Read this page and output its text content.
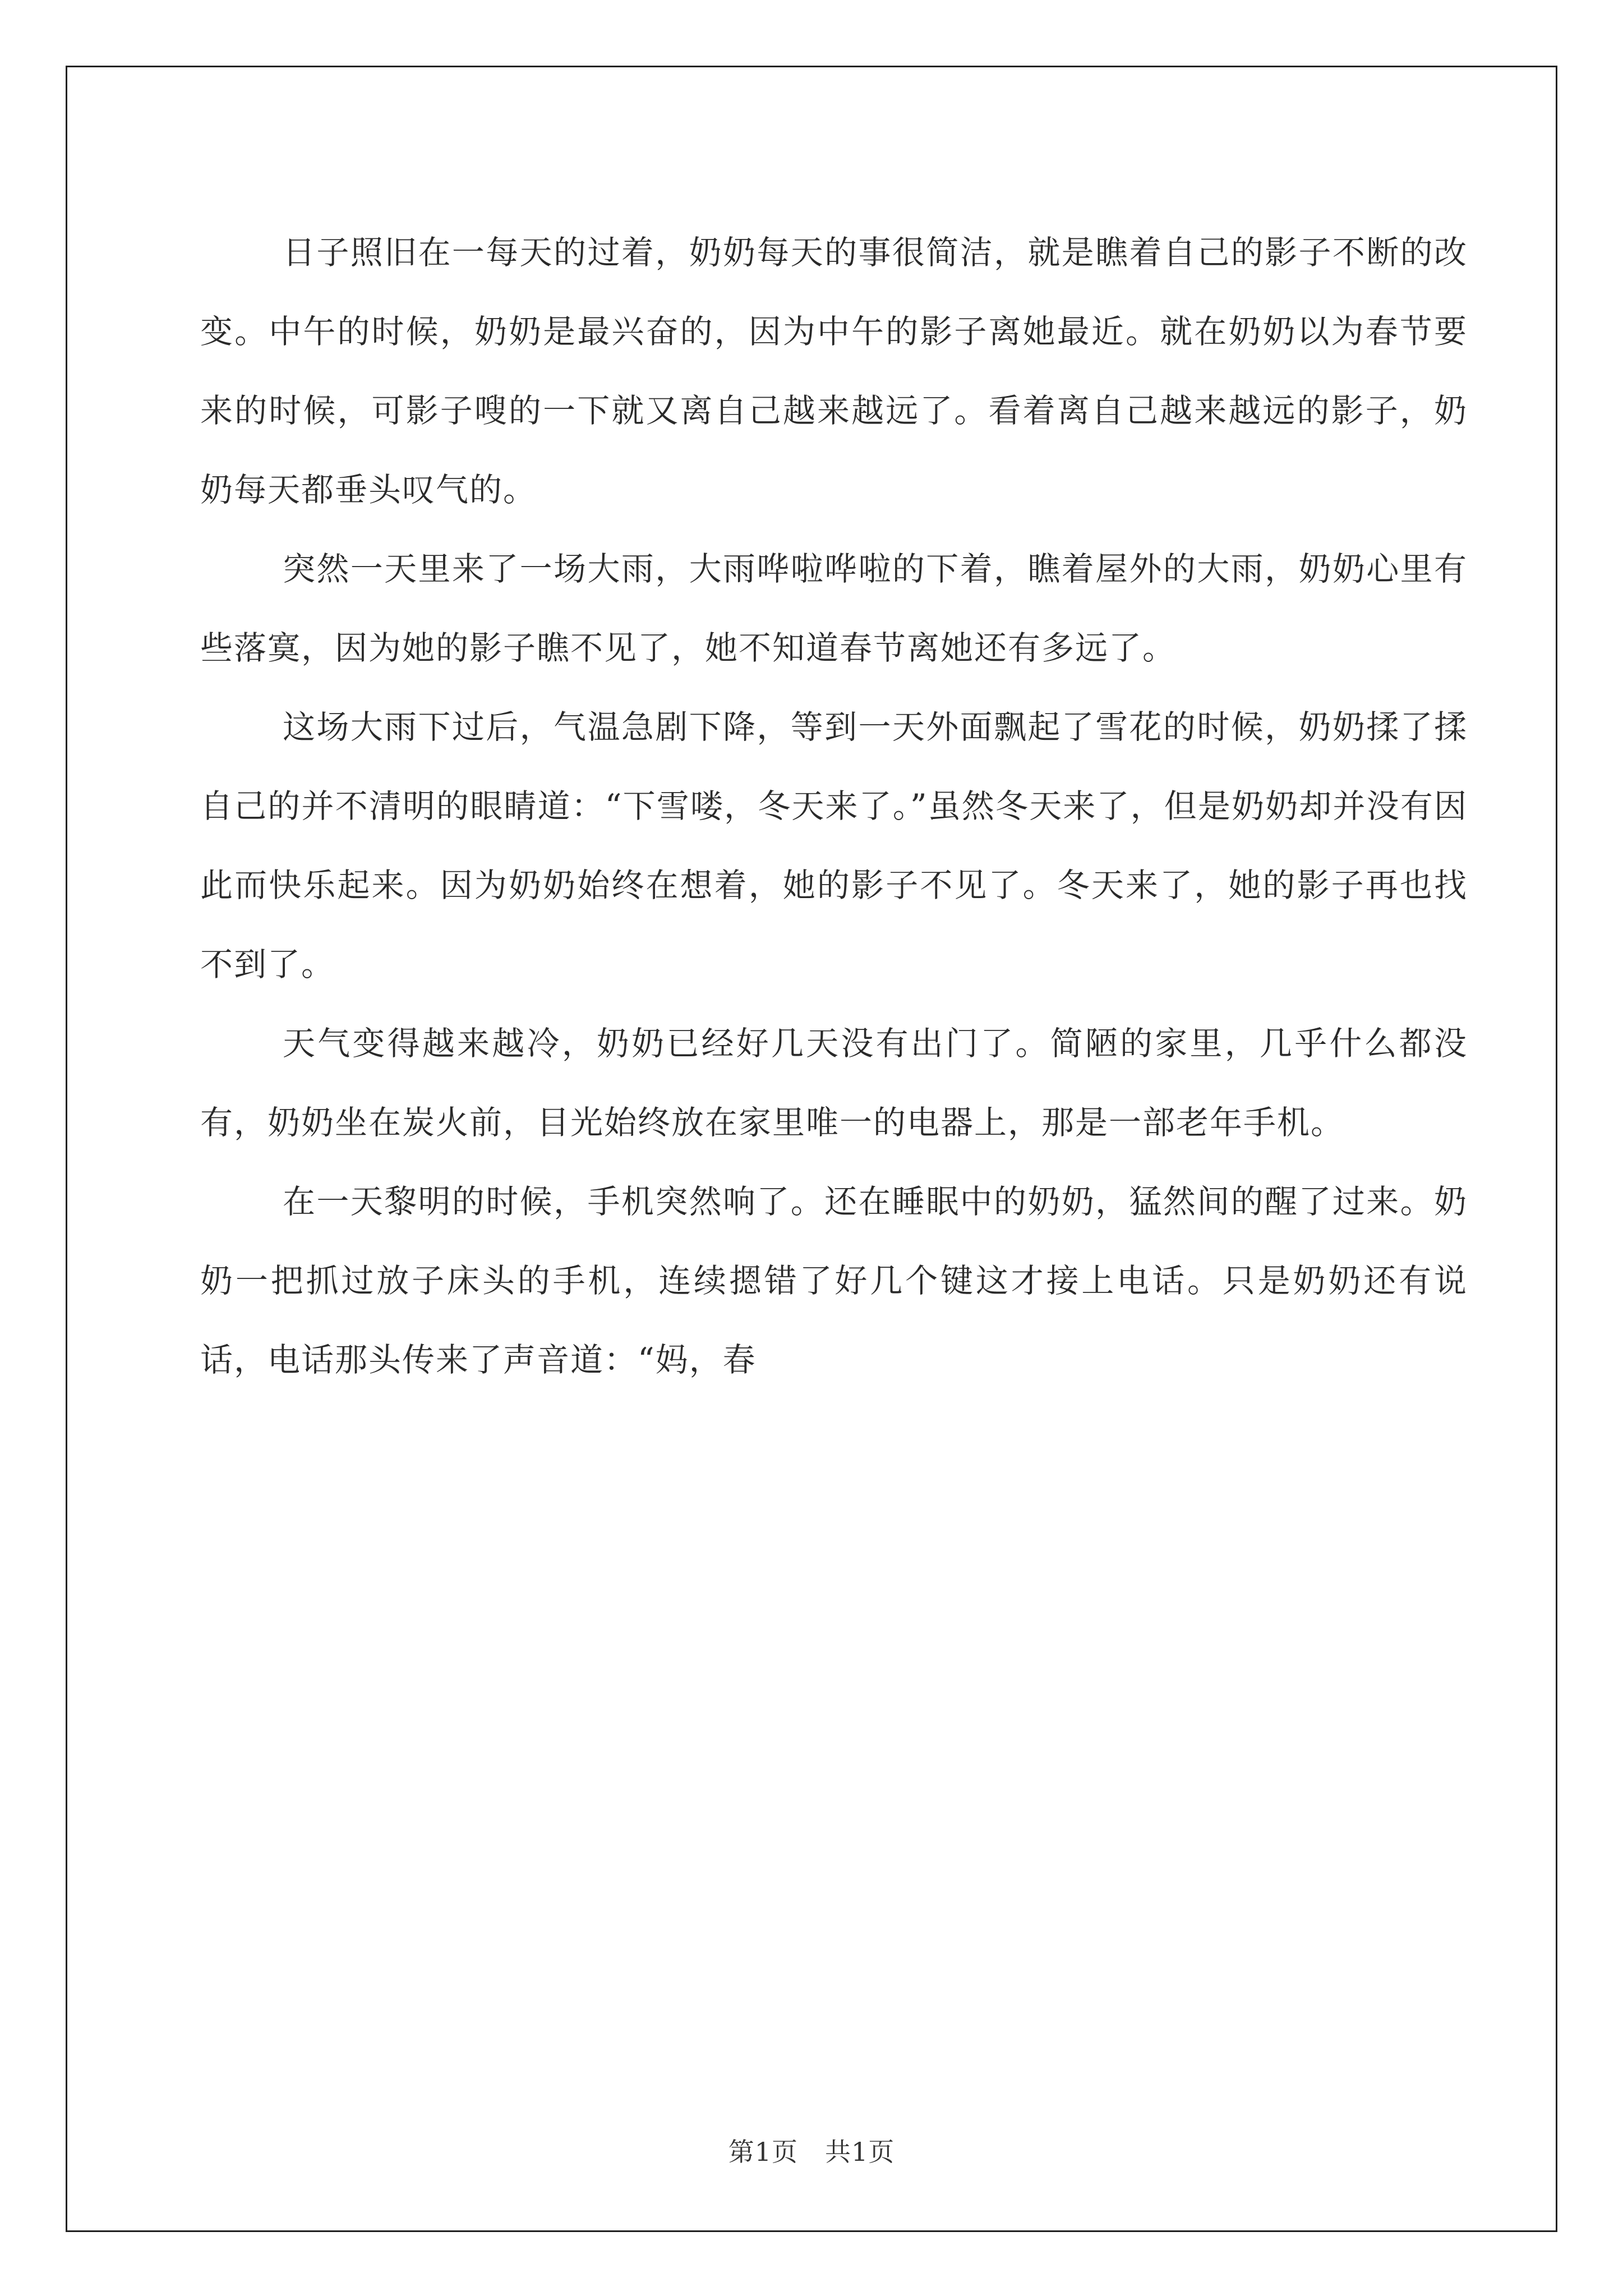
日子照旧在一每天的过着，奶奶每天的事很简洁，就是瞧着自己的影子不断的改变。中午的时候，奶奶是最兴奋的，因为中午的影子离她最近。就在奶奶以为春节要来的时候，可影子嗖的一下就又离自己越来越远了。看着离自己越来越远的影子，奶奶每天都垂头叹气的。

突然一天里来了一场大雨，大雨哗啦哗啦的下着，瞧着屋外的大雨，奶奶心里有些落寞，因为她的影子瞧不见了，她不知道春节离她还有多远了。

这场大雨下过后，气温急剧下降，等到一天外面飘起了雪花的时候，奶奶揉了揉自己的并不清明的眼睛道：“下雪喽，冬天来了。”虽然冬天来了，但是奶奶却并没有因此而快乐起来。因为奶奶始终在想着，她的影子不见了。冬天来了，她的影子再也找不到了。

天气变得越来越冷，奶奶已经好几天没有出门了。简陋的家里，几乎什么都没有，奶奶坐在炭火前，目光始终放在家里唯一的电器上，那是一部老年手机。

在一天黎明的时候，手机突然响了。还在睡眠中的奶奶，猛然间的醒了过来。奶奶一把抓过放子床头的手机，连续摁错了好几个键这才接上电话。只是奶奶还有说话，电话那头传来了声音道：“妈，春

第1页 共1页
